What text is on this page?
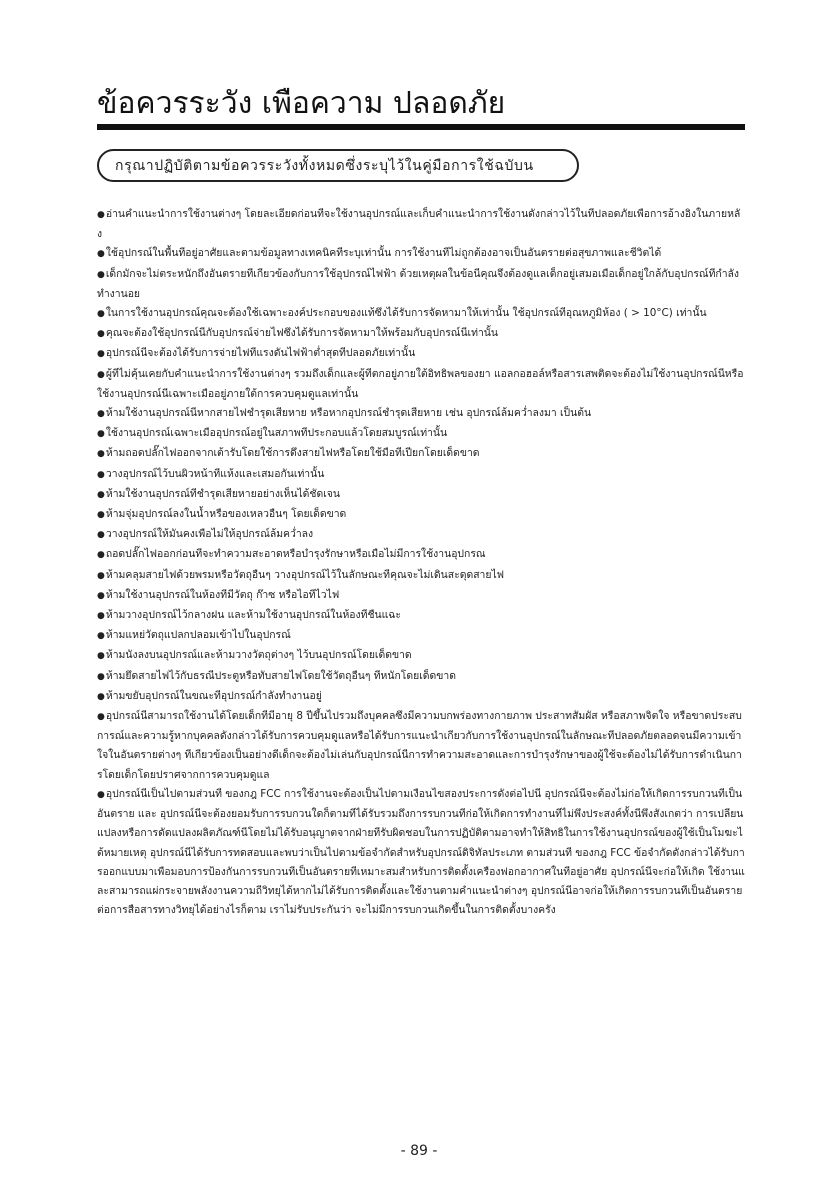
ข้อควรระวัง เพือความ ปลอดภัย
กรุณาปฏิบัติตามข้อควรระวังทั้งหมดซึ่งระบุไว้ในคู่มือการใช้ฉบับน
●อ่านคำแนะนำการใช้งานต่างๆ โดยละเอียดก่อนทีจะใช้งานอุปกรณ์และเก็บคำแนะนำการใช้งานดังกล่าวไว้ในทีปลอดภัยเพือการอ้างอิงในภายหลัง
●ใช้อุปกรณ์ในพื้นทีอยู่อาศัยและตามข้อมูลทางเทคนิคทีระบุเท่านั้น การใช้งานทีไม่ถูกต้องอาจเป็นอันตรายต่อสุขภาพและชีวิตได้
●เด็กมักจะไม่ตระหนักถึงอันตรายทีเกียวข้องกับการใช้อุปกรณ์ไฟฟ้า ด้วยเหตุผลในข้อนีคุณจึงต้องดูแลเด็กอยู่เสมอเมือเด็กอยู่ใกล้กับอุปกรณ์ทีกำลังทำงานอย
●ในการใช้งานอุปกรณ์คุณจะต้องใช้เฉพาะองค์ประกอบของแท้ซึงได้รับการจัดหามาให้เท่านั้น ใช้อุปกรณ์ทีอุณหภูมิห้อง ( > 10°C) เท่านั้น
●คุณจะต้องใช้อุปกรณ์นีกับอุปกรณ์จ่ายไฟซึงได้รับการจัดหามาให้พร้อมกับอุปกรณ์นีเท่านั้น
●อุปกรณ์นีจะต้องได้รับการจ่ายไฟทีแรงดันไฟฟ้าต่ำสุดทีปลอดภัยเท่านั้น
●ผู้ทีไม่คุ้นเคยกับคำแนะนำการใช้งานต่างๆ รวมถึงเด็กและผู้ทีตกอยู่ภายใต้อิทธิพลของยา แอลกอฮอล์หรือสารเสพติดจะต้องไม่ใช้งานอุปกรณ์นีหรือใช้งานอุปกรณ์นีเฉพาะเมืออยู่ภายใต้การควบคุมดูแลเท่านั้น
●ห้ามใช้งานอุปกรณ์นีหากสายไฟชำรุดเสียหาย หรือหากอุปกรณ์ชำรุดเสียหาย เช่น อุปกรณ์ล้มคว่ำลงมา เป็นต้น
●ใช้งานอุปกรณ์เฉพาะเมืออุปกรณ์อยู่ในสภาพทีประกอบแล้วโดยสมบูรณ์เท่านั้น
●ห้ามถอดปลั๊กไฟออกจากเต้ารับโดยใช้การดึงสายไฟหรือโดยใช้มือทีเปียกโดยเด็ดขาด
●วางอุปกรณ์ไว้บนผิวหน้าทีแห้งและเสมอกันเท่านั้น
●ห้ามใช้งานอุปกรณ์ทีชำรุดเสียหายอย่างเห็นได้ชัดเจน
●ห้ามจุ่มอุปกรณ์ลงในน้ำหรือของเหลวอืนๆ โดยเด็ดขาด
●วางอุปกรณ์ให้มันคงเพือไม่ให้อุปกรณ์ล้มคว่ำลง
●ถอดปลั๊กไฟออกก่อนทีจะทำความสะอาดหรือบำรุงรักษาหรือเมือไม่มีการใช้งานอุปกรณ
●ห้ามคลุมสายไฟด้วยพรมหรือวัตถุอืนๆ วางอุปกรณ์ไว้ในลักษณะทีคุณจะไม่เดินสะดุดสายไฟ
●ห้ามใช้งานอุปกรณ์ในห้องทีมีวัตถุ ก๊าซ หรือไอทีไวไฟ
●ห้ามวางอุปกรณ์ไว้กลางฝน และห้ามใช้งานอุปกรณ์ในห้องทีชืนแฉะ
●ห้ามแหย่วัตถุแปลกปลอมเข้าไปในอุปกรณ์
●ห้ามนังลงบนอุปกรณ์และห้ามวางวัตถุต่างๆ ไว้บนอุปกรณ์โดยเด็ดขาด
●ห้ามยึดสายไฟไว้กับธรณีประตูหรือทับสายไฟโดยใช้วัตถุอืนๆ ทีหนักโดยเด็ดขาด
●ห้ามขยับอุปกรณ์ในขณะทีอุปกรณ์กำลังทำงานอยู่
●อุปกรณ์นีสามารถใช้งานได้โดยเด็กทีมีอายุ 8 ปีขึ้นไปรวมถึงบุคคลซึงมีความบกพร่องทางกายภาพ ประสาทสัมผัส หรือสภาพจิตใจ หรือขาดประสบการณ์และความรู้หากบุคคลดังกล่าวได้รับการควบคุมดูแลหรือได้รับการแนะนำเกียวกับการใช้งานอุปกรณ์ในลักษณะทีปลอดภัยตลอดจนมีความเข้าใจในอันตรายต่างๆ ทีเกียวข้องเป็นอย่างดีเด็กจะต้องไม่เล่นกับอุปกรณ์นีการทำความสะอาดและการบำรุงรักษาของผู้ใช้จะต้องไม่ได้รับการดำเนินการโดยเด็กโดยปราศจากการควบคุมดูแล
●อุปกรณ์นีเป็นไปตามส่วนที ของกฎ FCC การใช้งานจะต้องเป็นไปตามเงือนไขสองประการดังต่อไปนี อุปกรณ์นีจะต้องไม่ก่อให้เกิดการรบกวนทีเป็นอันตราย และ อุปกรณ์นีจะต้องยอมรับการรบกวนใดก็ตามทีได้รับรวมถึงการรบกวนทีก่อให้เกิดการทำงานทีไม่พึงประสงค์ทั้งนีพึงสังเกตว่า การเปลียนแปลงหรือการดัดแปลงผลิตภัณฑ์นีโดยไม่ได้รับอนุญาตจากฝ่ายทีรับผิดชอบในการปฏิบัติตามอาจทำให้สิทธิในการใช้งานอุปกรณ์ของผู้ใช้เป็นโมฆะได้หมายเหตุ อุปกรณ์นีได้รับการทดสอบและพบว่าเป็นไปตามข้อจำกัดสำหรับอุปกรณ์ดิจิทัลประเภท ตามส่วนที ของกฎ FCC ข้อจำกัดดังกล่าวได้รับการออกแบบมาเพือมอบการป้องกันการรบกวนทีเป็นอันตรายทีเหมาะสมสำหรับการติดตั้งเครืองฟอกอากาศในทีอยู่อาศัย อุปกรณ์นีจะก่อให้เกิด ใช้งานและสามารถแผ่กระจายพลังงานความถีวิทยุได้หากไม่ได้รับการติดตั้งและใช้งานตามคำแนะนำต่างๆ อุปกรณ์นีอาจก่อให้เกิดการรบกวนทีเป็นอันตรายต่อการสือสารทางวิทยุได้อย่างไรก็ตาม เราไม่รับประกันว่า จะไม่มีการรบกวนเกิดขึ้นในการติดตั้งบางครัง
- 89 -
